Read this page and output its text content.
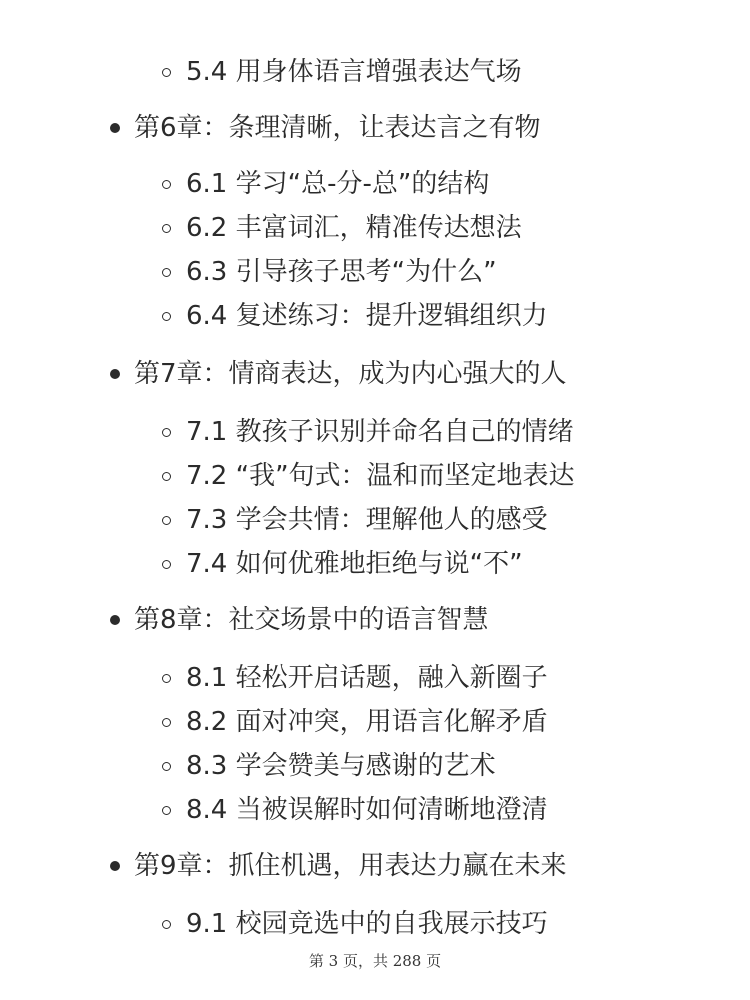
5.4 用身体语言增强表达气场
第6章：条理清晰，让表达言之有物
6.1 学习“总-分-总”的结构
6.2 丰富词汇，精准传达想法
6.3 引导孩子思考“为什么”
6.4 复述练习：提升逻辑组织力
第7章：情商表达，成为内心强大的人
7.1 教孩子识别并命名自己的情绪
7.2 “我”句式：温和而坚定地表达
7.3 学会共情：理解他人的感受
7.4 如何优雅地拒绝与说“不”
第8章：社交场景中的语言智慧
8.1 轻松开启话题，融入新圈子
8.2 面对冲突，用语言化解矛盾
8.3 学会赞美与感谢的艺术
8.4 当被误解时如何清晰地澄清
第9章：抓住机遇，用表达力赢在未来
9.1 校园竞选中的自我展示技巧
第 3 页，共 288 页
